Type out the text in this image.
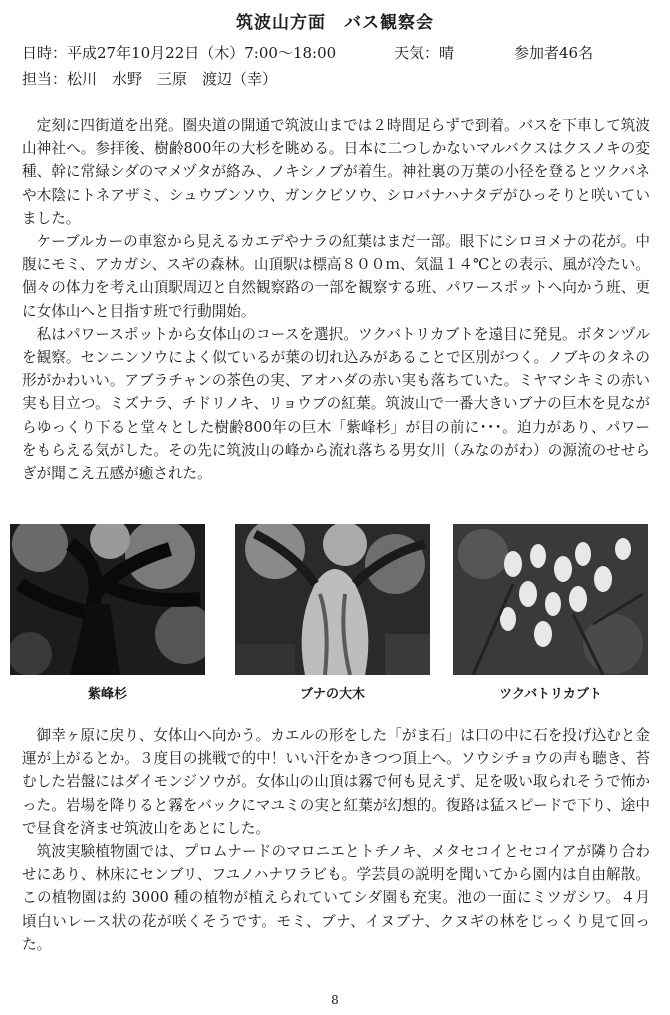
筑波山方面　バス観察会
日時：平成27年10月22日（木）7:00～18:00	天気：晴	参加者46名
担当：松川　水野　三原　渡辺（幸）

定刻に四街道を出発。圏央道の開通で筑波山までは２時間足らずで到着。バスを下車して筑波山神社へ。参拝後、樹齢800年の大杉を眺める。日本に二つしかないマルバクスはクスノキの変種、幹に常緑シダのマメヅタが絡み、ノキシノブが着生。神社裏の万葉の小径を登るとツクバネや木陰にトネアザミ、シュウブンソウ、ガンクビソウ、シロバナハナタデがひっそりと咲いていました。

ケーブルカーの車窓から見えるカエデやナラの紅葉はまだ一部。眼下にシロヨメナの花が。中腹にモミ、アカガシ、スギの森林。山頂駅は標高８００ｍ、気温１４℃との表示、風が冷たい。個々の体力を考え山頂駅周辺と自然観察路の一部を観察する班、パワースポットへ向かう班、更に女体山へと目指す班で行動開始。

私はパワースポットから女体山のコースを選択。ツクバトリカブトを遠目に発見。ボタンヅルを観察。センニンソウによく似ているが葉の切れ込みがあることで区別がつく。ノブキのタネの形がかわいい。アブラチャンの茶色の実、アオハダの赤い実も落ちていた。ミヤマシキミの赤い実も目立つ。ミズナラ、チドリノキ、リョウブの紅葉。筑波山で一番大きいブナの巨木を見ながらゆっくり下ると堂々とした樹齢800年の巨木「紫峰杉」が目の前に･･･。迫力があり、パワーをもらえる気がした。その先に筑波山の峰から流れ落ちる男女川（みなのがわ）の源流のせせらぎが聞こえ五感が癒された。

紫峰杉	ブナの大木	ツクバトリカブト

御幸ヶ原に戻り、女体山へ向かう。カエルの形をした「がま石」は口の中に石を投げ込むと金運が上がるとか。３度目の挑戦で的中！いい汗をかきつつ頂上へ。ソウシチョウの声も聴き、苔むした岩盤にはダイモンジソウが。女体山の山頂は霧で何も見えず、足を吸い取られそうで怖かった。岩場を降りると霧をバックにマユミの実と紅葉が幻想的。復路は猛スピードで下り、途中で昼食を済ませ筑波山をあとにした。

筑波実験植物園では、プロムナードのマロニエとトチノキ、メタセコイとセコイアが隣り合わせにあり、林床にセンブリ、フユノハナワラビも。学芸員の説明を聞いてから園内は自由解散。この植物園は約 3000 種の植物が植えられていてシダ園も充実。池の一面にミツガシワ。４月頃白いレース状の花が咲くそうです。モミ、ブナ、イヌブナ、クヌギの林をじっくり見て回った。

8
